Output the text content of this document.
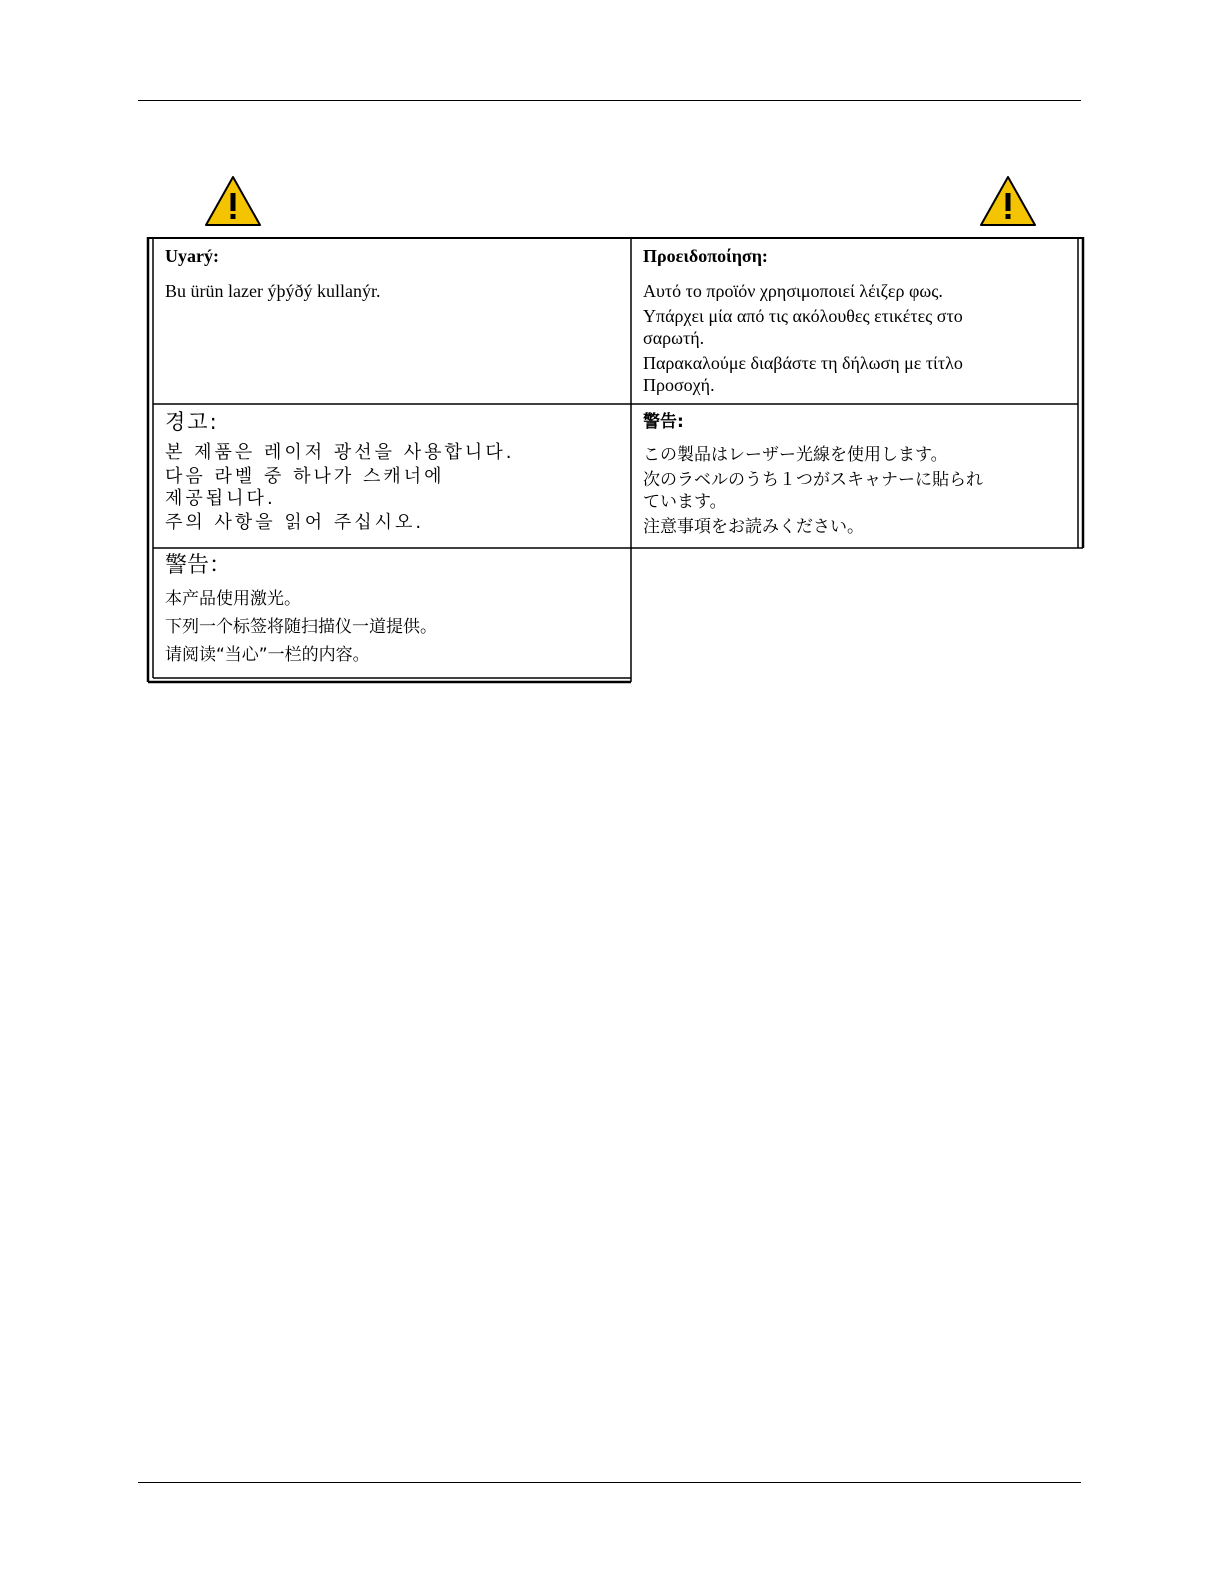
Uyarý:

Bu ürün lazer ýþýðý kullanýr.

Προειδοποίηση:

Αυτό το προϊόν χρησιμοποιεί λέιζερ φως.

Υπάρχει μία από τις ακόλουθες ετικέτες στο σαρωτή.

Παρακαλούμε διαβάστε τη δήλωση με τίτλο Προσοχή.

경고:

본 제품은 레이저 광선을 사용합니다.

다음 라벨 중 하나가 스캐너에 제공됩니다.

주의 사항을 읽어 주십시오.

警告:

この製品はレーザー光線を使用します。

次のラベルのうち１つがスキャナーに貼られています。

注意事項をお読みください。

警告：

本产品使用激光。

下列一个标签将随扫描仪一道提供。

请阅读“当心”一栏的内容。
